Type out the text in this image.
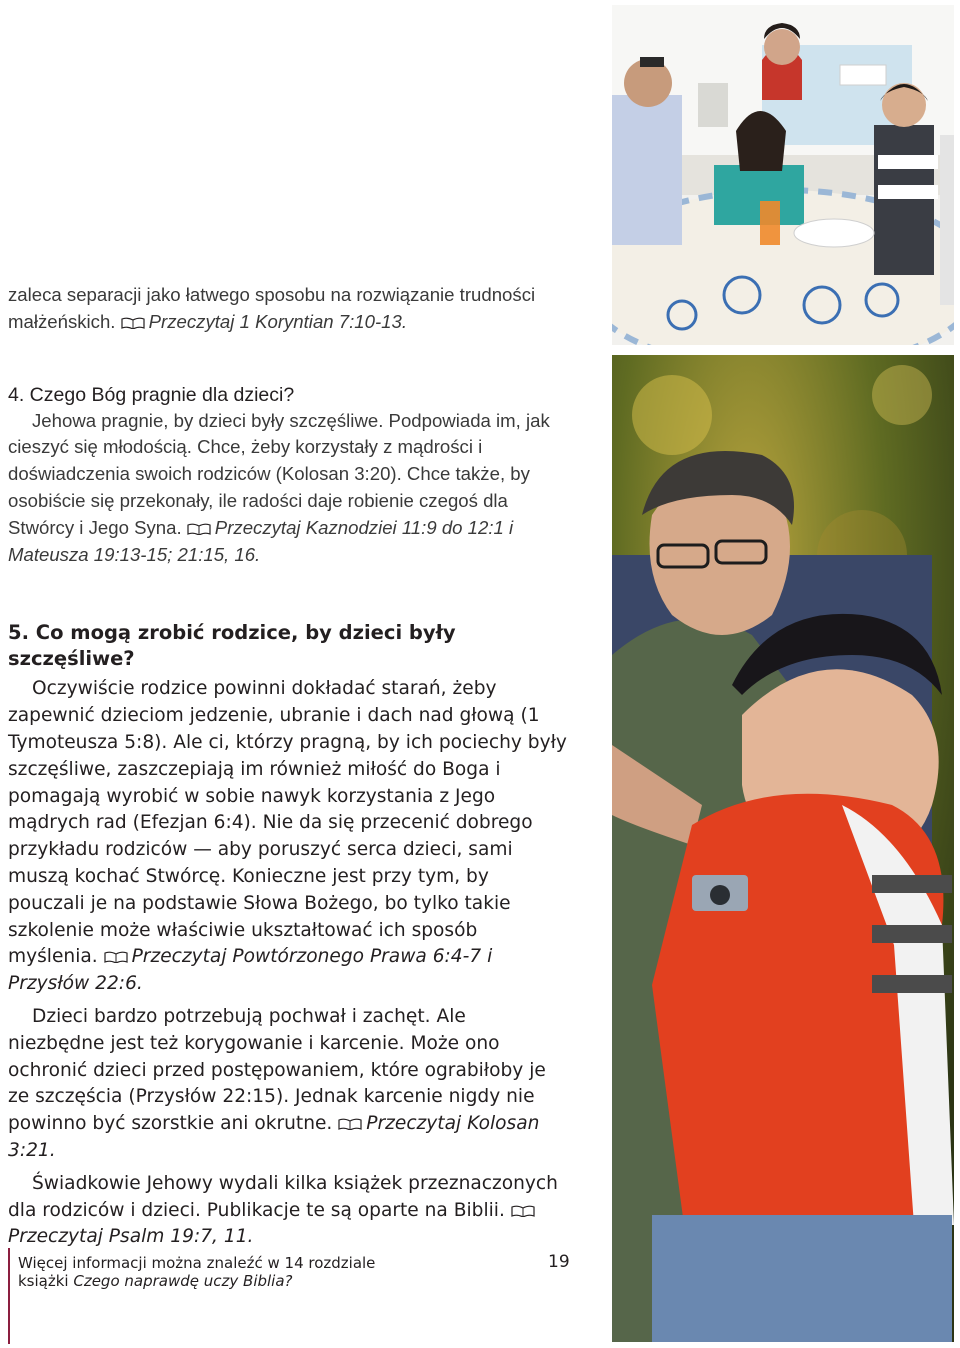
zaleca separacji jako łatwego sposobu na rozwiązanie trudności małżeńskich. Przeczytaj 1 Koryntian 7:10-13.

4. Czego Bóg pragnie dla dzieci?

Jehowa pragnie, by dzieci były szczęśliwe. Podpowiada im, jak cieszyć się młodością. Chce, żeby korzystały z mądrości i doświadczenia swoich rodziców (Kolosan 3:20). Chce także, by osobiście się przekonały, ile radości daje robienie czegoś dla Stwórcy i Jego Syna. Przeczytaj Kaznodziei 11:9 do 12:1 i Mateusza 19:13-15; 21:15, 16.

5. Co mogą zrobić rodzice, by dzieci były szczęśliwe?

Oczywiście rodzice powinni dokładać starań, żeby zapewnić dzieciom jedzenie, ubranie i dach nad głową (1 Tymoteusza 5:8). Ale ci, którzy pragną, by ich pociechy były szczęśliwe, zaszczepiają im również miłość do Boga i pomagają wyrobić w sobie nawyk korzystania z Jego mądrych rad (Efezjan 6:4). Nie da się przecenić dobrego przykładu rodziców — aby poruszyć serca dzieci, sami muszą kochać Stwórcę. Konieczne jest przy tym, by pouczali je na podstawie Słowa Bożego, bo tylko takie szkolenie może właściwie ukształtować ich sposób myślenia. Przeczytaj Powtórzonego Prawa 6:4-7 i Przysłów 22:6.

Dzieci bardzo potrzebują pochwał i zachęt. Ale niezbędne jest też korygowanie i karcenie. Może ono ochronić dzieci przed postępowaniem, które ograbiłoby je ze szczęścia (Przysłów 22:15). Jednak karcenie nigdy nie powinno być szorstkie ani okrutne. Przeczytaj Kolosan 3:21.

Świadkowie Jehowy wydali kilka książek przeznaczonych dla rodziców i dzieci. Publikacje te są oparte na Biblii. Przeczytaj Psalm 19:7, 11.

Więcej informacji można znaleźć w 14 rozdziale
książki Czego naprawdę uczy Biblia?
19
